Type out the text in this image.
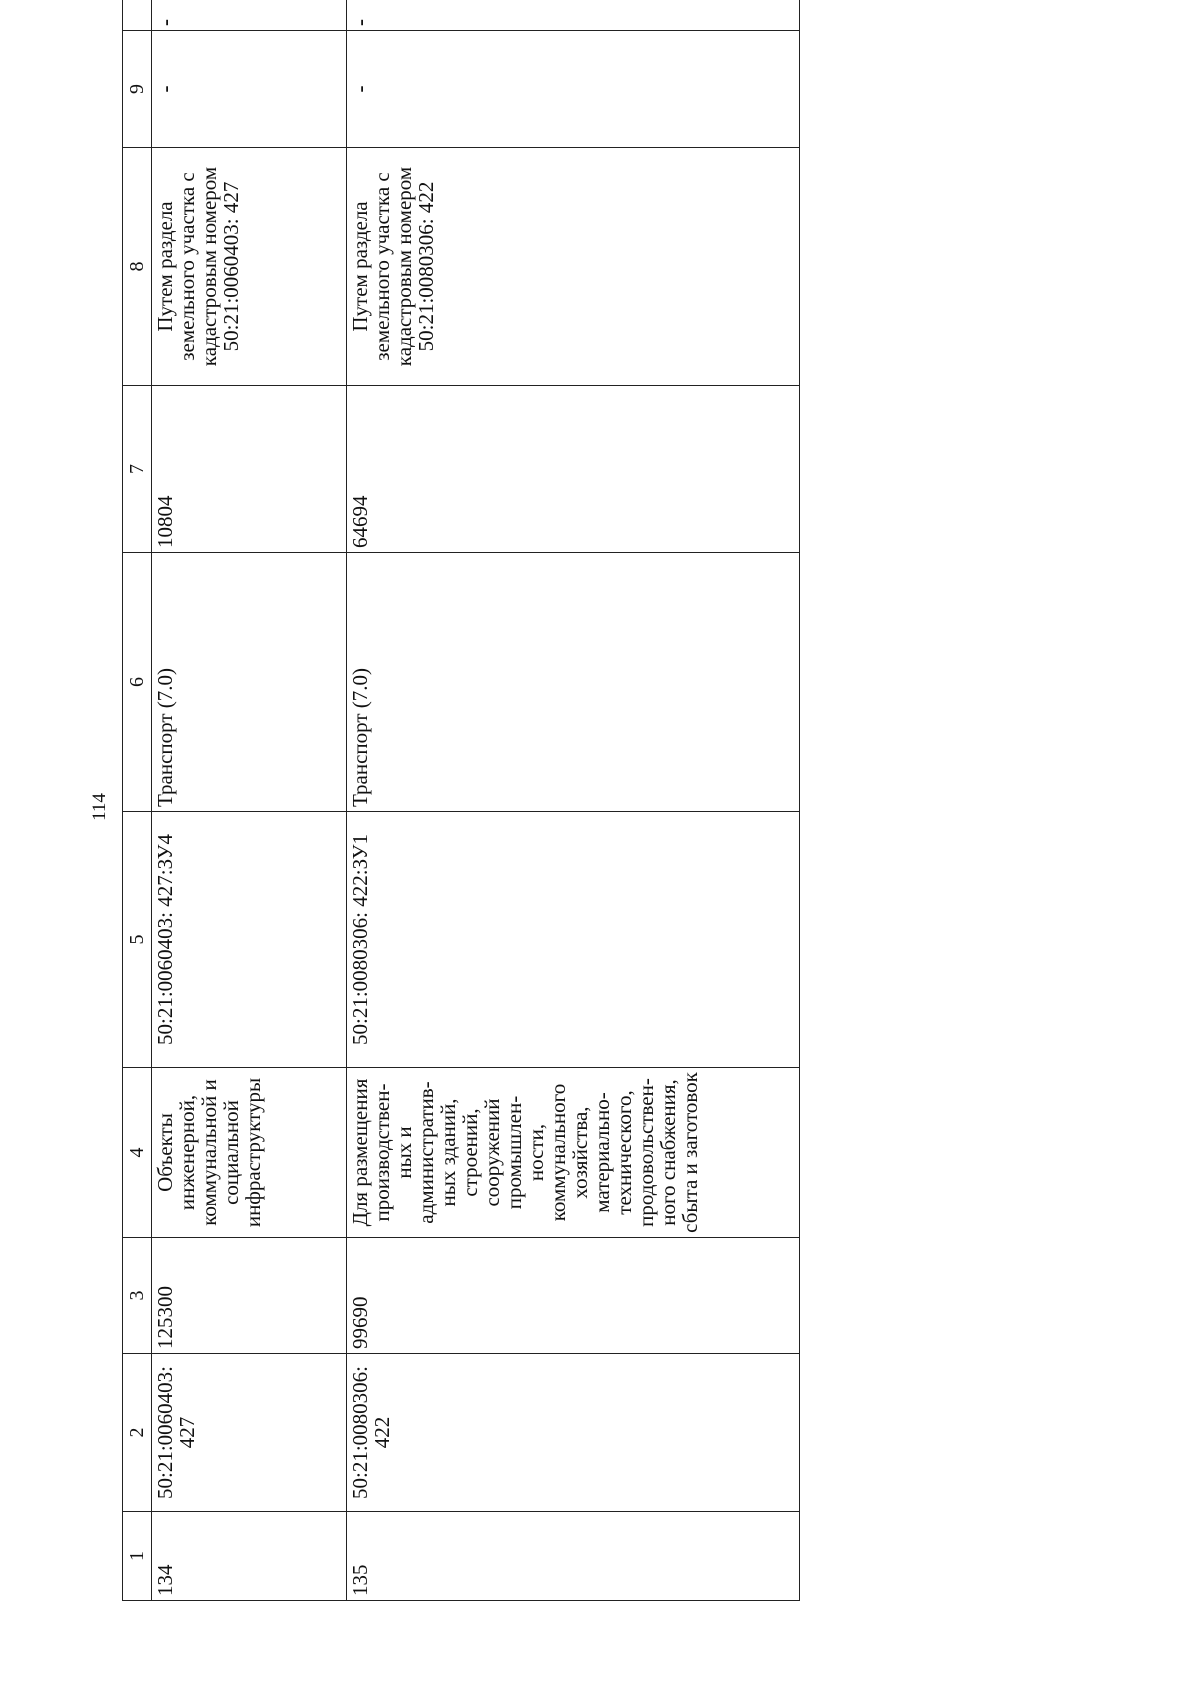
114
1	2	3	4	5	6	7	8	9	
134	50:21:0060403: 427	125300	Объекты инженерной, коммунальной и социальной инфраструктуры	50:21:0060403: 427:ЗУ4	Транспорт (7.0)	10804	Путем раздела земельного участка с кадастровым номером 50:21:0060403: 427	-	-
135	50:21:0080306: 422	99690	Для размещения производствен-ных и административ-ных зданий, строений, сооружений промышлен-ности, коммунального хозяйства, материально-технического, продовольствен-ного снабжения, сбыта и заготовок	50:21:0080306: 422:ЗУ1	Транспорт (7.0)	64694	Путем раздела земельного участка с кадастровым номером 50:21:0080306: 422	-	-
